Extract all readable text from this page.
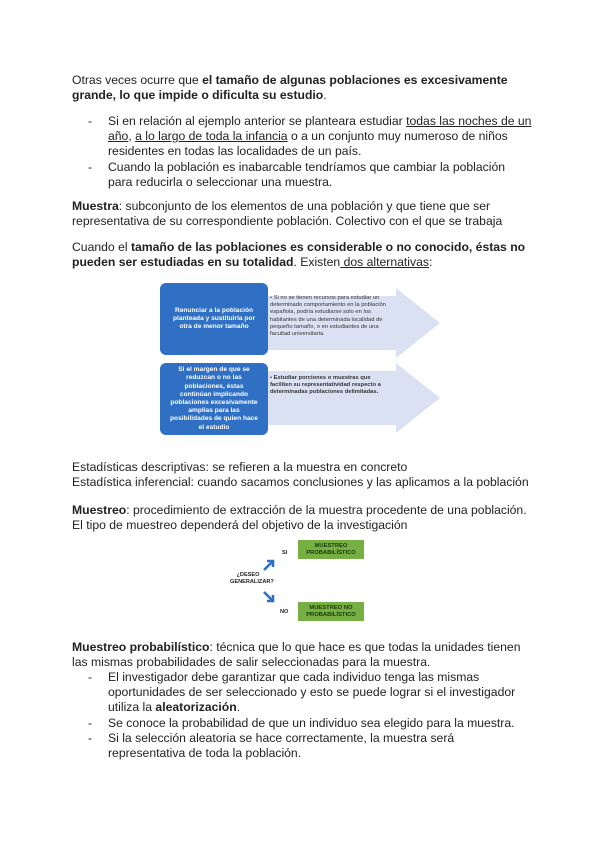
Otras veces ocurre que el tamaño de algunas poblaciones es excesivamente grande, lo que impide o dificulta su estudio.

- Si en relación al ejemplo anterior se planteara estudiar todas las noches de un año, a lo largo de toda la infancia o a un conjunto muy numeroso de niños residentes en todas las localidades de un país.
- Cuando la población es inabarcable tendríamos que cambiar la población para reducirla o seleccionar una muestra.

Muestra: subconjunto de los elementos de una población y que tiene que ser representativa de su correspondiente población. Colectivo con el que se trabaja

Cuando el tamaño de las poblaciones es considerable o no conocido, éstas no pueden ser estudiadas en su totalidad. Existen dos alternativas:

Renunciar a la población planteada y sustituirla por otra de menor tamaño
• Si no se tienen recursos para estudiar un determinado comportamiento en la población española, podría estudiarse solo en los habitantes de una determinada localidad de pequeño tamaño, o en estudiantes de una facultad universitaria.
Si el margen de que se reduzcan o no las poblaciones, éstas continúan implicando poblaciones excesivamente amplias para las posibilidades de quien hace el estudio
• Estudiar porciones o muestras que faciliten su representatividad respecto a determinadas poblaciones delimitadas.

Estadísticas descriptivas: se refieren a la muestra en concreto
Estadística inferencial: cuando sacamos conclusiones y las aplicamos a la población

Muestreo: procedimiento de extracción de la muestra procedente de una población. El tipo de muestreo dependerá del objetivo de la investigación

¿DESEO GENERALIZAR?
SI
NO
MUESTREO PROBABILÍSTICO
MUESTREO NO PROBABILÍSTICO

Muestreo probabilístico: técnica que lo que hace es que todas la unidades tienen las mismas probabilidades de salir seleccionadas para la muestra.

- El investigador debe garantizar que cada individuo tenga las mismas oportunidades de ser seleccionado y esto se puede lograr si el investigador utiliza la aleatorización.
- Se conoce la probabilidad de que un individuo sea elegido para la muestra.
- Si la selección aleatoria se hace correctamente, la muestra será representativa de toda la población.
